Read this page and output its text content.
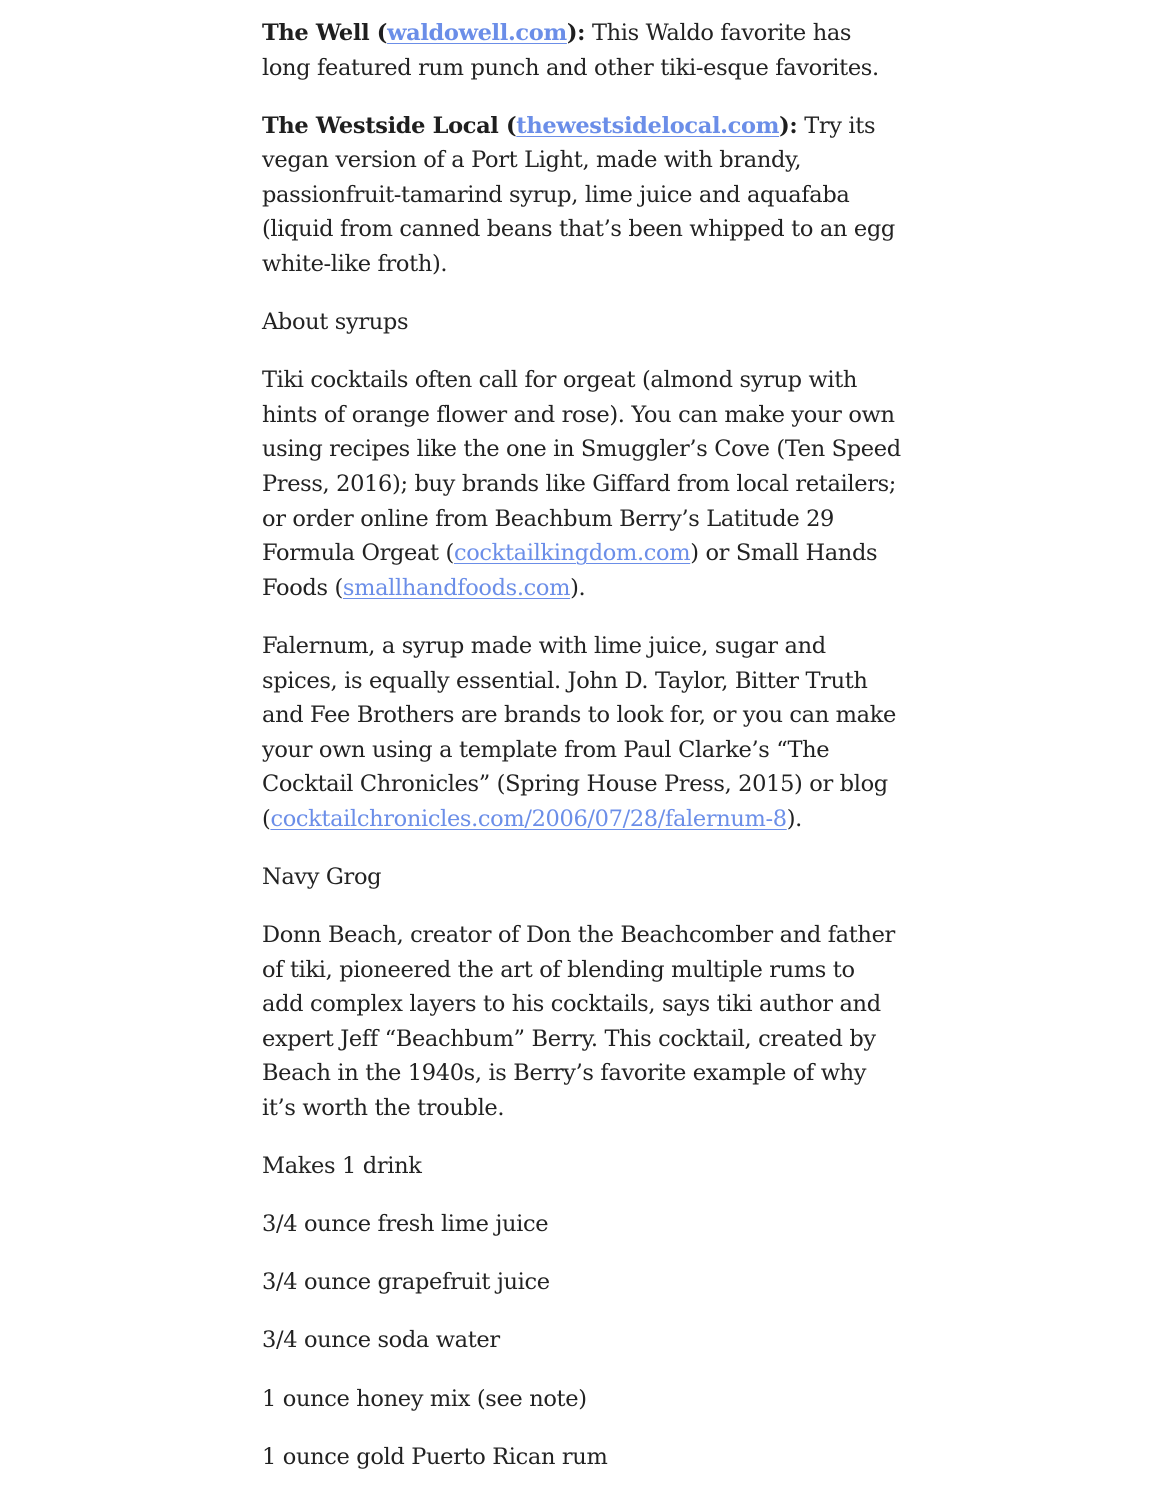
The Well (waldowell.com): This Waldo favorite has long featured rum punch and other tiki-esque favorites.

The Westside Local (thewestsidelocal.com): Try its vegan version of a Port Light, made with brandy, passionfruit-tamarind syrup, lime juice and aquafaba (liquid from canned beans that’s been whipped to an egg white-like froth).

About syrups

Tiki cocktails often call for orgeat (almond syrup with hints of orange flower and rose). You can make your own using recipes like the one in Smuggler’s Cove (Ten Speed Press, 2016); buy brands like Giffard from local retailers; or order online from Beachbum Berry’s Latitude 29 Formula Orgeat (cocktailkingdom.com) or Small Hands Foods (smallhandfoods.com).

Falernum, a syrup made with lime juice, sugar and spices, is equally essential. John D. Taylor, Bitter Truth and Fee Brothers are brands to look for, or you can make your own using a template from Paul Clarke’s “The Cocktail Chronicles” (Spring House Press, 2015) or blog (cocktailchronicles.com/2006/07/28/falernum-8).

Navy Grog

Donn Beach, creator of Don the Beachcomber and father of tiki, pioneered the art of blending multiple rums to add complex layers to his cocktails, says tiki author and expert Jeff “Beachbum” Berry. This cocktail, created by Beach in the 1940s, is Berry’s favorite example of why it’s worth the trouble.

Makes 1 drink

3/4 ounce fresh lime juice

3/4 ounce grapefruit juice

3/4 ounce soda water

1 ounce honey mix (see note)

1 ounce gold Puerto Rican rum
